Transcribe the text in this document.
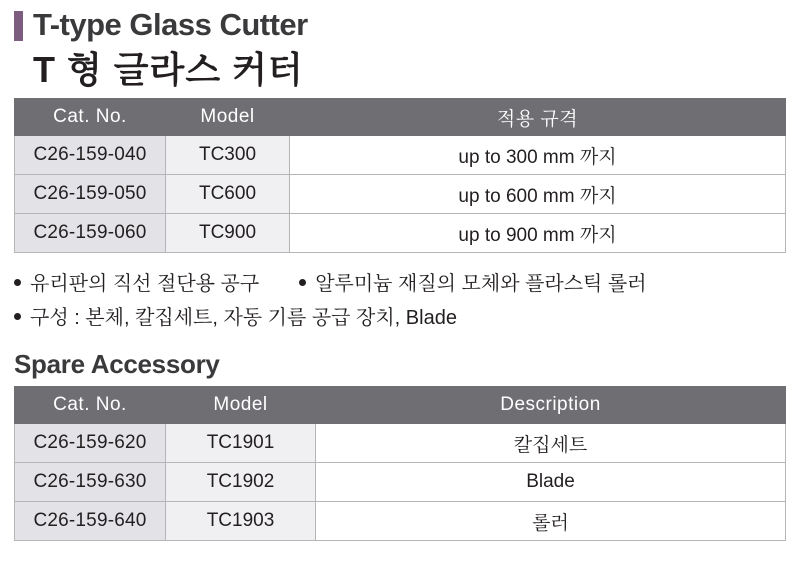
T-type Glass Cutter
T 형 글라스 커터
Cat. No.	Model	적용 규격
C26-159-040	TC300	up to 300 mm 까지
C26-159-050	TC600	up to 600 mm 까지
C26-159-060	TC900	up to 900 mm 까지
유리판의 직선 절단용 공구	알루미늄 재질의 모체와 플라스틱 롤러
구성 : 본체, 칼집세트, 자동 기름 공급 장치, Blade
Spare Accessory
Cat. No.	Model	Description
C26-159-620	TC1901	칼집세트
C26-159-630	TC1902	Blade
C26-159-640	TC1903	롤러
